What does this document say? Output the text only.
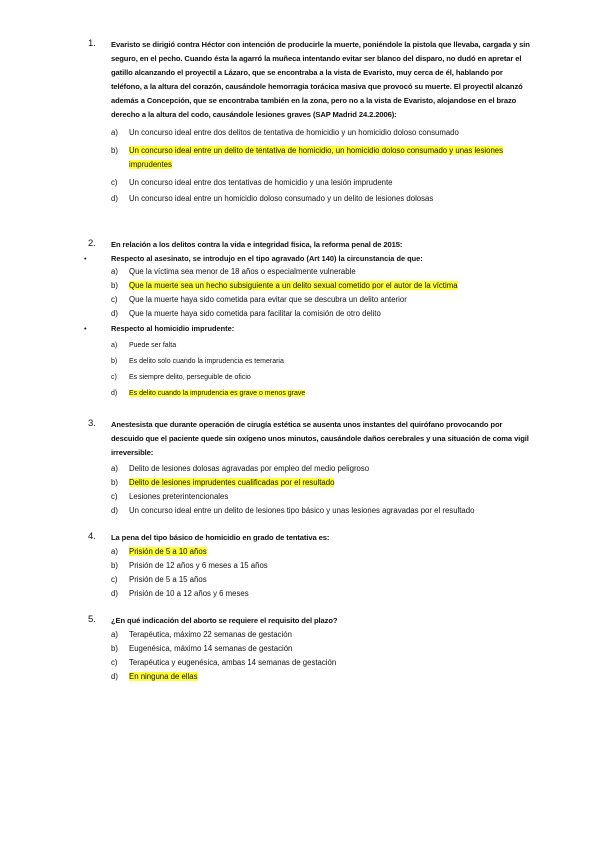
1. Evaristo se dirigió contra Héctor con intención de producirle la muerte, poniéndole la pistola que llevaba, cargada y sin seguro, en el pecho. Cuando ésta la agarró la muñeca intentando evitar ser blanco del disparo, no dudó en apretar el gatillo alcanzando el proyectil a Lázaro, que se encontraba a la vista de Evaristo, muy cerca de él, hablando por teléfono, a la altura del corazón, causándole hemorragia torácica masiva que provocó su muerte. El proyectil alcanzó además a Concepción, que se encontraba también en la zona, pero no a la vista de Evaristo, alojandose en el brazo derecho a la altura del codo, causándole lesiones graves (SAP Madrid 24.2.2006):
a) Un concurso ideal entre dos delitos de tentativa de homicidio y un homicidio doloso consumado
b) Un concurso ideal entre un delito de tentativa de homicidio, un homicidio doloso consumado y unas lesiones imprudentes
c) Un concurso ideal entre dos tentativas de homicidio y una lesión imprudente
d) Un concurso ideal entre un homicidio doloso consumado y un delito de lesiones dolosas
2. En relación a los delitos contra la vida e integridad física, la reforma penal de 2015:
•	Respecto al asesinato, se introdujo en el tipo agravado (Art 140) la circunstancia de que:
a) Que la víctima sea menor de 18 años o especialmente vulnerable
b) Que la muerte sea un hecho subsiguiente a un delito sexual cometido por el autor de la víctima
c) Que la muerte haya sido cometida para evitar que se descubra un delito anterior
d) Que la muerte haya sido cometida para facilitar la comisión de otro delito
•	Respecto al homicidio imprudente:
a) Puede ser falta
b) Es delito solo cuando la imprudencia es temeraria
c) Es siempre delito, perseguible de oficio
d) Es delito cuando la imprudencia es grave o menos grave
3. Anestesista que durante operación de cirugía estética se ausenta unos instantes del quirófano provocando por descuido que el paciente quede sin oxígeno unos minutos, causándole daños cerebrales y una situación de coma vigil irreversible:
a) Delito de lesiones dolosas agravadas por empleo del medio peligroso
b) Delito de lesiones imprudentes cualificadas por el resultado
c) Lesiones preterintencionales
d) Un concurso ideal entre un delito de lesiones tipo básico y unas lesiones agravadas por el resultado
4. La pena del tipo básico de homicidio en grado de tentativa es:
a) Prisión de 5 a 10 años
b) Prisión de 12 años y 6 meses a 15 años
c) Prisión de 5 a 15 años
d) Prisión de 10 a 12 años y 6 meses
5. ¿En qué indicación del aborto se requiere el requisito del plazo?
a) Terapéutica, máximo 22 semanas de gestación
b) Eugenésica, máximo 14 semanas de gestación
c) Terapéutica y eugenésica, ambas 14 semanas de gestación
d) En ninguna de ellas
